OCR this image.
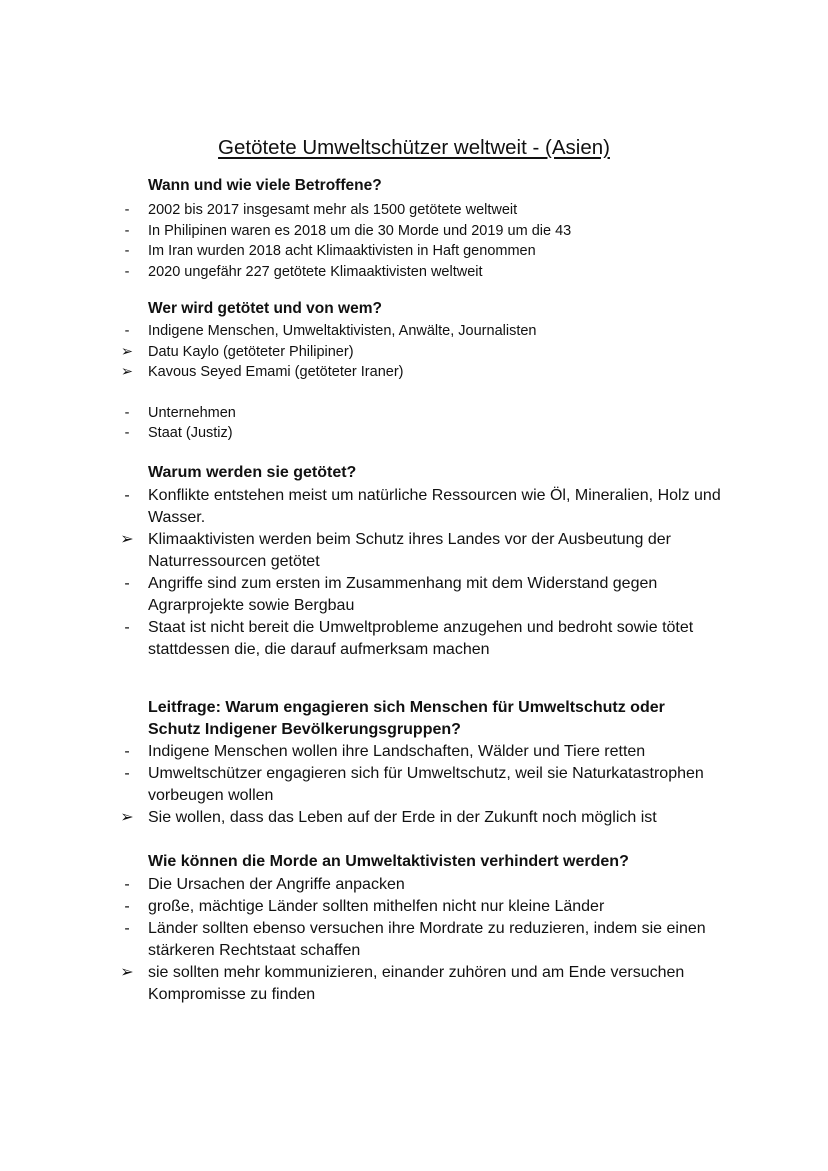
Getötete Umweltschützer weltweit - (Asien)
Wann und wie viele Betroffene?
-	2002 bis 2017 insgesamt mehr als 1500 getötete weltweit
-	In Philipinen waren es 2018 um die 30 Morde und 2019 um die 43
-	Im Iran wurden 2018 acht Klimaaktivisten in Haft genommen
-	2020 ungefähr 227 getötete Klimaaktivisten weltweit
Wer wird getötet und von wem?
-	Indigene Menschen, Umweltaktivisten, Anwälte, Journalisten
➢ Datu Kaylo (getöteter Philipiner)
➢ Kavous Seyed Emami (getöteter Iraner)
-	Unternehmen
-	Staat (Justiz)
Warum werden sie getötet?
- Konflikte entstehen meist um natürliche Ressourcen wie Öl, Mineralien, Holz und Wasser.
➢ Klimaaktivisten werden beim Schutz ihres Landes vor der Ausbeutung der Naturressourcen getötet
- Angriffe sind zum ersten im Zusammenhang mit dem Widerstand gegen Agrarprojekte sowie Bergbau
- Staat ist nicht bereit die Umweltprobleme anzugehen und bedroht sowie tötet stattdessen die, die darauf aufmerksam machen
Leitfrage: Warum engagieren sich Menschen für Umweltschutz oder Schutz Indigener Bevölkerungsgruppen?
- Indigene Menschen wollen ihre Landschaften, Wälder und Tiere retten
- Umweltschützer engagieren sich für Umweltschutz, weil sie Naturkatastrophen vorbeugen wollen
➢ Sie wollen, dass das Leben auf der Erde in der Zukunft noch möglich ist
Wie können die Morde an Umweltaktivisten verhindert werden?
- Die Ursachen der Angriffe anpacken
- große, mächtige Länder sollten mithelfen nicht nur kleine Länder
- Länder sollten ebenso versuchen ihre Mordrate zu reduzieren, indem sie einen stärkeren Rechtstaat schaffen
➢ sie sollten mehr kommunizieren, einander zuhören und am Ende versuchen Kompromisse zu finden
